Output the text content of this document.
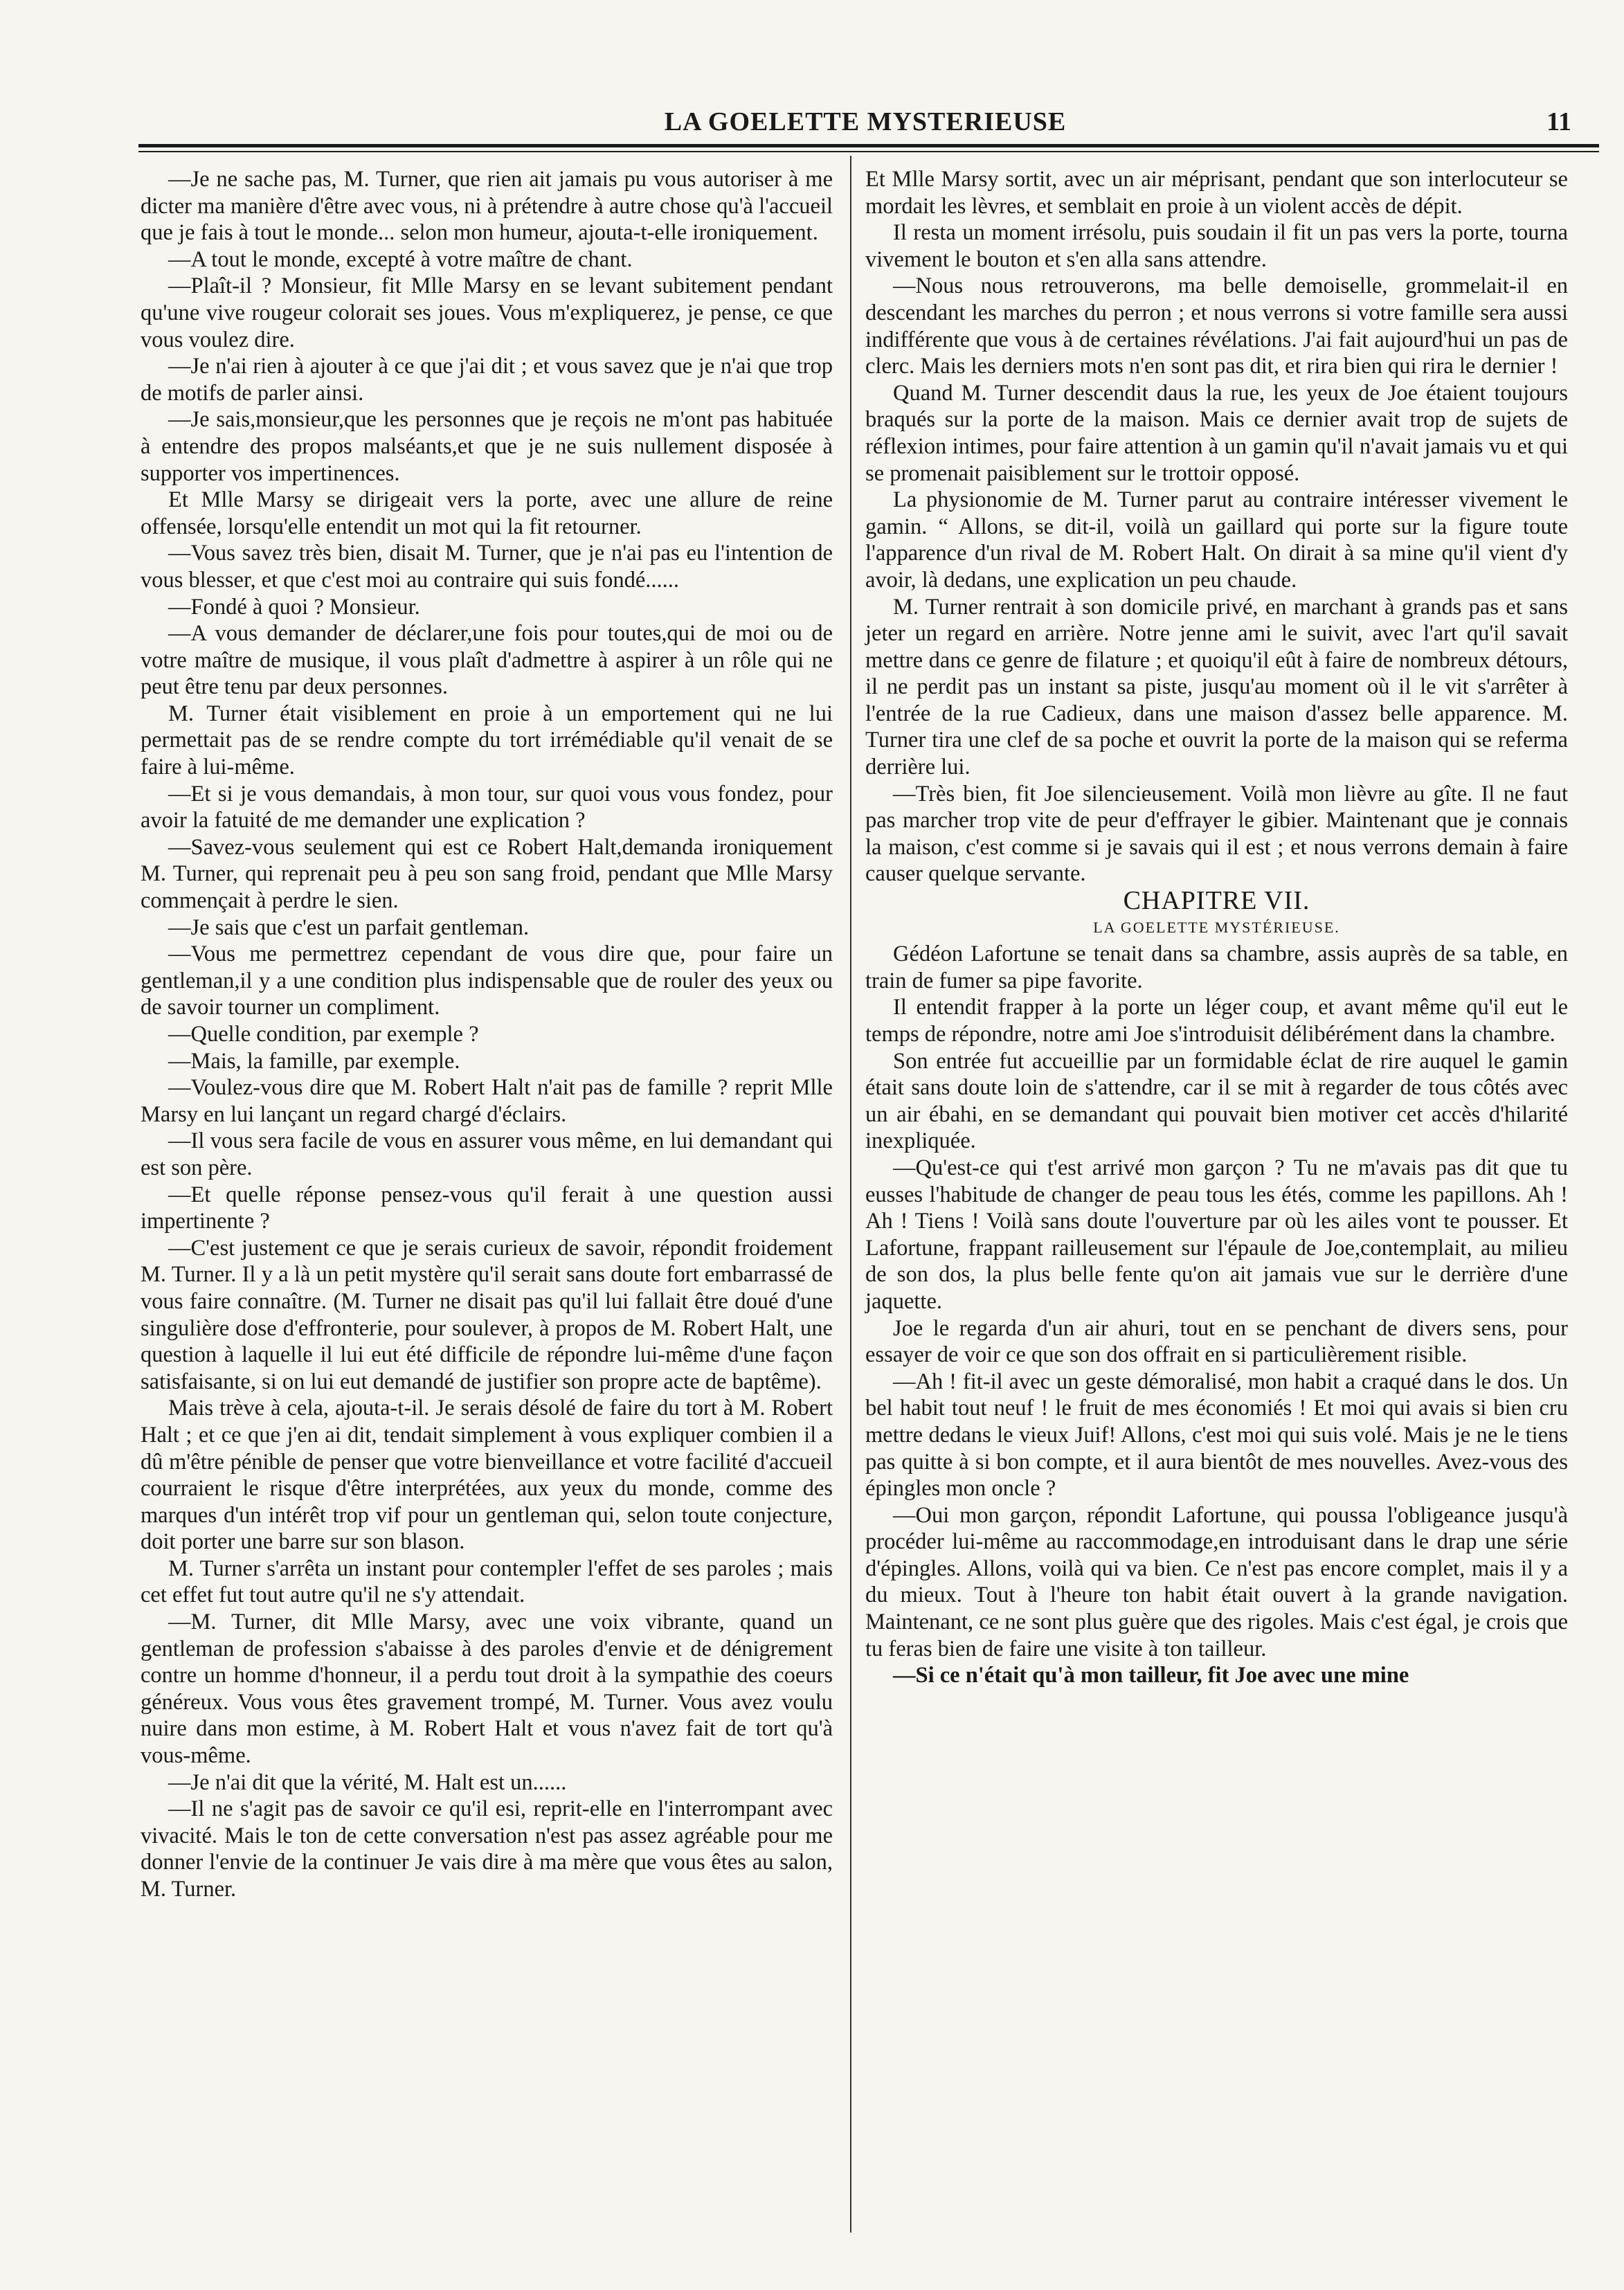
LA GOELETTE MYSTERIEUSE	11

—Je ne sache pas, M. Turner, que rien ait jamais pu vous autoriser à me dicter ma manière d'être avec vous, ni à prétendre à autre chose qu'à l'accueil que je fais à tout le monde... selon mon humeur, ajouta-t-elle ironiquement.

—A tout le monde, excepté à votre maître de chant.

—Plaît-il ? Monsieur, fit Mlle Marsy en se levant subitement pendant qu'une vive rougeur colorait ses joues. Vous m'expliquerez, je pense, ce que vous voulez dire.

—Je n'ai rien à ajouter à ce que j'ai dit ; et vous savez que je n'ai que trop de motifs de parler ainsi.

—Je sais,monsieur,que les personnes que je reçois ne m'ont pas habituée à entendre des propos malséants,et que je ne suis nullement disposée à supporter vos impertinences.

Et Mlle Marsy se dirigeait vers la porte, avec une allure de reine offensée, lorsqu'elle entendit un mot qui la fit retourner.

—Vous savez très bien, disait M. Turner, que je n'ai pas eu l'intention de vous blesser, et que c'est moi au contraire qui suis fondé......

—Fondé à quoi ? Monsieur.

—A vous demander de déclarer,une fois pour toutes,qui de moi ou de votre maître de musique, il vous plaît d'admettre à aspirer à un rôle qui ne peut être tenu par deux personnes.

M. Turner était visiblement en proie à un emportement qui ne lui permettait pas de se rendre compte du tort irrémédiable qu'il venait de se faire à lui-même.

—Et si je vous demandais, à mon tour, sur quoi vous vous fondez, pour avoir la fatuité de me demander une explication ?

—Savez-vous seulement qui est ce Robert Halt,demanda ironiquement M. Turner, qui reprenait peu à peu son sang froid, pendant que Mlle Marsy commençait à perdre le sien.

—Je sais que c'est un parfait gentleman.

—Vous me permettrez cependant de vous dire que, pour faire un gentleman,il y a une condition plus indispensable que de rouler des yeux ou de savoir tourner un compliment.

—Quelle condition, par exemple ?

—Mais, la famille, par exemple.

—Voulez-vous dire que M. Robert Halt n'ait pas de famille ? reprit Mlle Marsy en lui lançant un regard chargé d'éclairs.

—Il vous sera facile de vous en assurer vous même, en lui demandant qui est son père.

—Et quelle réponse pensez-vous qu'il ferait à une question aussi impertinente ?

—C'est justement ce que je serais curieux de savoir, répondit froidement M. Turner. Il y a là un petit mystère qu'il serait sans doute fort embarrassé de vous faire connaître. (M. Turner ne disait pas qu'il lui fallait être doué d'une singulière dose d'effronterie, pour soulever, à propos de M. Robert Halt, une question à laquelle il lui eut été difficile de répondre lui-même d'une façon satisfaisante, si on lui eut demandé de justifier son propre acte de baptême).

Mais trève à cela, ajouta-t-il. Je serais désolé de faire du tort à M. Robert Halt ; et ce que j'en ai dit, tendait simplement à vous expliquer combien il a dû m'être pénible de penser que votre bienveillance et votre facilité d'accueil courraient le risque d'être interprétées, aux yeux du monde, comme des marques d'un intérêt trop vif pour un gentleman qui, selon toute conjecture, doit porter une barre sur son blason.

M. Turner s'arrêta un instant pour contempler l'effet de ses paroles ; mais cet effet fut tout autre qu'il ne s'y attendait.

—M. Turner, dit Mlle Marsy, avec une voix vibrante, quand un gentleman de profession s'abaisse à des paroles d'envie et de dénigrement contre un homme d'honneur, il a perdu tout droit à la sympathie des coeurs généreux. Vous vous êtes gravement trompé, M. Turner. Vous avez voulu nuire dans mon estime, à M. Robert Halt et vous n'avez fait de tort qu'à vous-même.

—Je n'ai dit que la vérité, M. Halt est un......

—Il ne s'agit pas de savoir ce qu'il esi, reprit-elle en l'interrompant avec vivacité. Mais le ton de cette conversation n'est pas assez agréable pour me donner l'envie de la continuer Je vais dire à ma mère que vous êtes au salon, M. Turner.

Et Mlle Marsy sortit, avec un air méprisant, pendant que son interlocuteur se mordait les lèvres, et semblait en proie à un violent accès de dépit.

Il resta un moment irrésolu, puis soudain il fit un pas vers la porte, tourna vivement le bouton et s'en alla sans attendre.

—Nous nous retrouverons, ma belle demoiselle, grommelait-il en descendant les marches du perron ; et nous verrons si votre famille sera aussi indifférente que vous à de certaines révélations. J'ai fait aujourd'hui un pas de clerc. Mais les derniers mots n'en sont pas dit, et rira bien qui rira le dernier !

Quand M. Turner descendit daus la rue, les yeux de Joe étaient toujours braqués sur la porte de la maison. Mais ce dernier avait trop de sujets de réflexion intimes, pour faire attention à un gamin qu'il n'avait jamais vu et qui se promenait paisiblement sur le trottoir opposé.

La physionomie de M. Turner parut au contraire intéresser vivement le gamin. “ Allons, se dit-il, voilà un gaillard qui porte sur la figure toute l'apparence d'un rival de M. Robert Halt. On dirait à sa mine qu'il vient d'y avoir, là dedans, une explication un peu chaude.

M. Turner rentrait à son domicile privé, en marchant à grands pas et sans jeter un regard en arrière. Notre jenne ami le suivit, avec l'art qu'il savait mettre dans ce genre de filature ; et quoiqu'il eût à faire de nombreux détours, il ne perdit pas un instant sa piste, jusqu'au moment où il le vit s'arrêter à l'entrée de la rue Cadieux, dans une maison d'assez belle apparence. M. Turner tira une clef de sa poche et ouvrit la porte de la maison qui se referma derrière lui.

—Très bien, fit Joe silencieusement. Voilà mon lièvre au gîte. Il ne faut pas marcher trop vite de peur d'effrayer le gibier. Maintenant que je connais la maison, c'est comme si je savais qui il est ; et nous verrons demain à faire causer quelque servante.

CHAPITRE VII.

LA GOELETTE MYSTÉRIEUSE.

Gédéon Lafortune se tenait dans sa chambre, assis auprès de sa table, en train de fumer sa pipe favorite.

Il entendit frapper à la porte un léger coup, et avant même qu'il eut le temps de répondre, notre ami Joe s'introduisit délibérément dans la chambre.

Son entrée fut accueillie par un formidable éclat de rire auquel le gamin était sans doute loin de s'attendre, car il se mit à regarder de tous côtés avec un air ébahi, en se demandant qui pouvait bien motiver cet accès d'hilarité inexpliquée.

—Qu'est-ce qui t'est arrivé mon garçon ? Tu ne m'avais pas dit que tu eusses l'habitude de changer de peau tous les étés, comme les papillons. Ah ! Ah ! Tiens ! Voilà sans doute l'ouverture par où les ailes vont te pousser. Et Lafortune, frappant railleusement sur l'épaule de Joe,contemplait, au milieu de son dos, la plus belle fente qu'on ait jamais vue sur le derrière d'une jaquette.

Joe le regarda d'un air ahuri, tout en se penchant de divers sens, pour essayer de voir ce que son dos offrait en si particulièrement risible.

—Ah ! fit-il avec un geste démoralisé, mon habit a craqué dans le dos. Un bel habit tout neuf ! le fruit de mes économiés ! Et moi qui avais si bien cru mettre dedans le vieux Juif! Allons, c'est moi qui suis volé. Mais je ne le tiens pas quitte à si bon compte, et il aura bientôt de mes nouvelles. Avez-vous des épingles mon oncle ?

—Oui mon garçon, répondit Lafortune, qui poussa l'obligeance jusqu'à procéder lui-même au raccommodage,en introduisant dans le drap une série d'épingles. Allons, voilà qui va bien. Ce n'est pas encore complet, mais il y a du mieux. Tout à l'heure ton habit était ouvert à la grande navigation. Maintenant, ce ne sont plus guère que des rigoles. Mais c'est égal, je crois que tu feras bien de faire une visite à ton tailleur.

—Si ce n'était qu'à mon tailleur, fit Joe avec une mine
